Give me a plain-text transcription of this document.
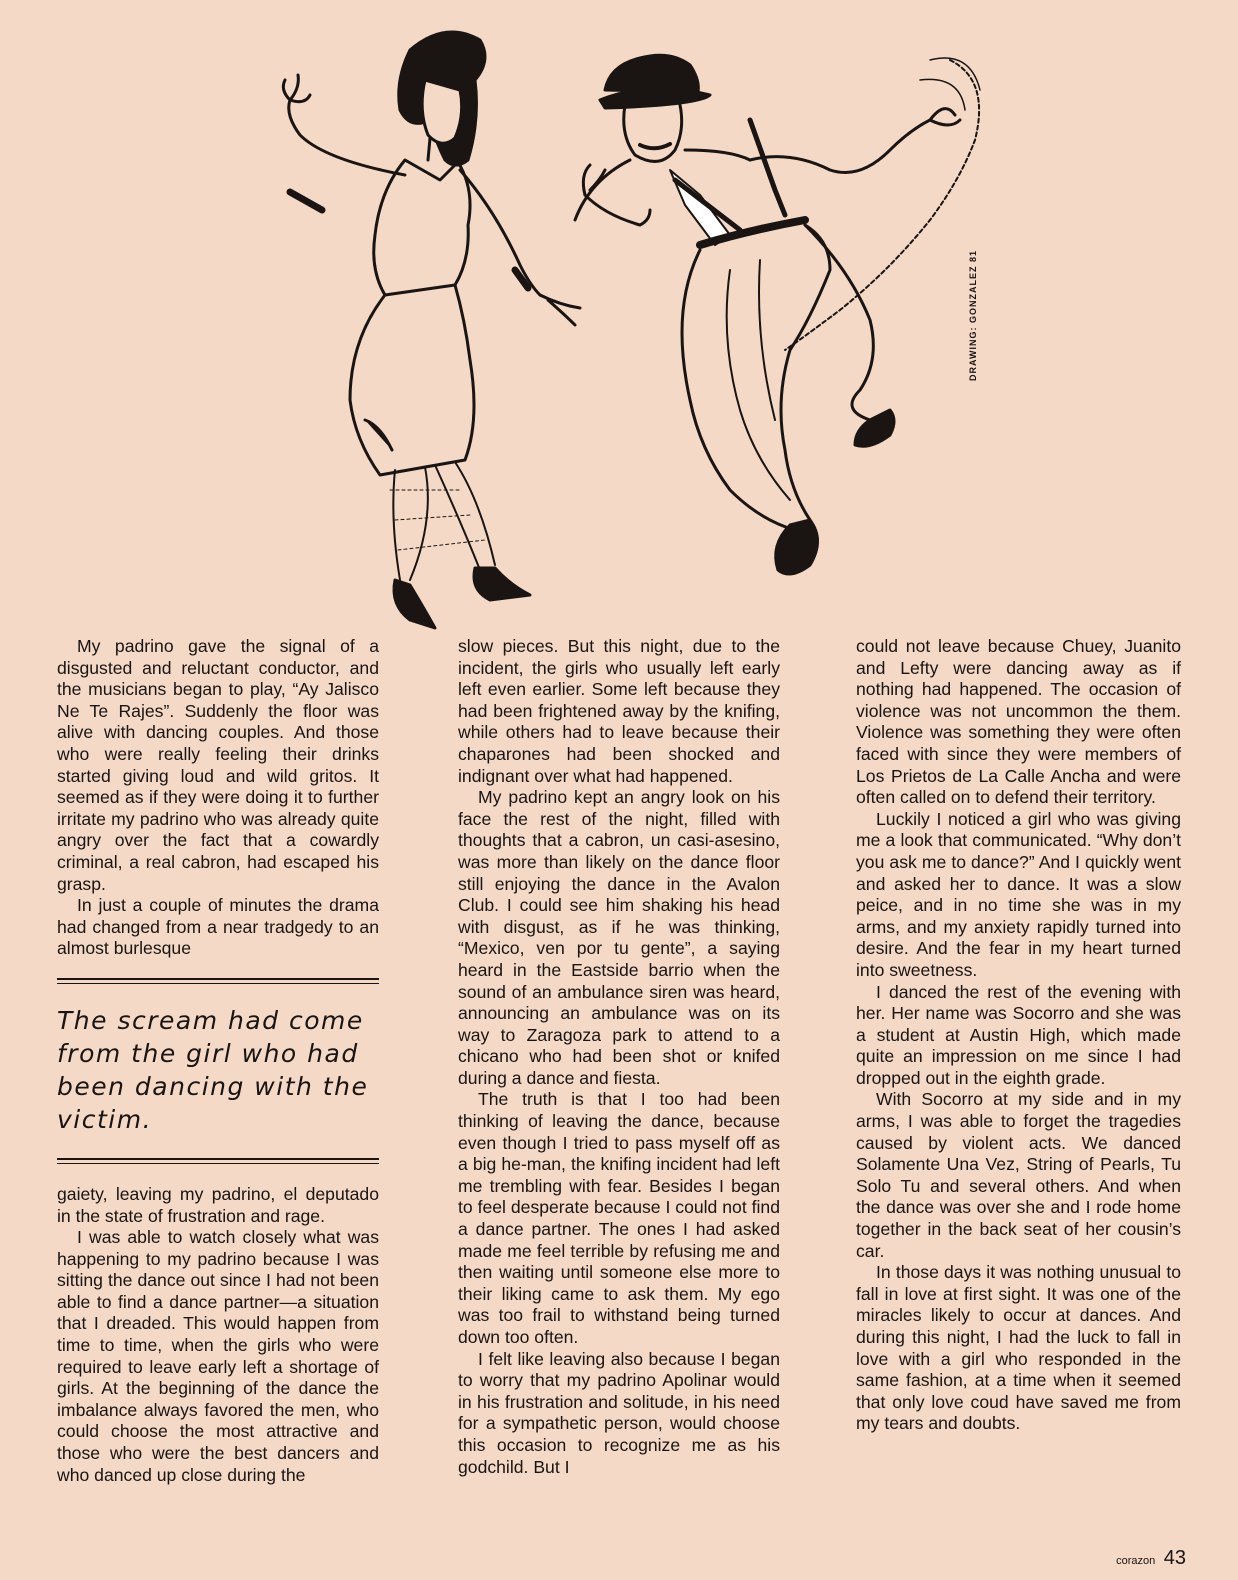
DRAWING: GONZALEZ 81

My padrino gave the signal of a disgusted and reluctant conductor, and the musicians began to play, “Ay Jalisco Ne Te Rajes”. Suddenly the floor was alive with dancing couples. And those who were really feeling their drinks started giving loud and wild gritos. It seemed as if they were doing it to further irritate my padrino who was already quite angry over the fact that a cowardly criminal, a real cabron, had escaped his grasp.

In just a couple of minutes the drama had changed from a near tradgedy to an almost burlesque

The scream had come from the girl who had been dancing with the victim.

gaiety, leaving my padrino, el deputado in the state of frustration and rage.

I was able to watch closely what was happening to my padrino because I was sitting the dance out since I had not been able to find a dance partner—a situation that I dreaded. This would happen from time to time, when the girls who were required to leave early left a shortage of girls. At the beginning of the dance the imbalance always favored the men, who could choose the most attractive and those who were the best dancers and who danced up close during the

slow pieces. But this night, due to the incident, the girls who usually left early left even earlier. Some left because they had been frightened away by the knifing, while others had to leave because their chaparones had been shocked and indignant over what had happened.

My padrino kept an angry look on his face the rest of the night, filled with thoughts that a cabron, un casi-asesino, was more than likely on the dance floor still enjoying the dance in the Avalon Club. I could see him shaking his head with disgust, as if he was thinking, “Mexico, ven por tu gente”, a saying heard in the Eastside barrio when the sound of an ambulance siren was heard, announcing an ambulance was on its way to Zaragoza park to attend to a chicano who had been shot or knifed during a dance and fiesta.

The truth is that I too had been thinking of leaving the dance, because even though I tried to pass myself off as a big he-man, the knifing incident had left me trembling with fear. Besides I began to feel desperate because I could not find a dance partner. The ones I had asked made me feel terrible by refusing me and then waiting until someone else more to their liking came to ask them. My ego was too frail to withstand being turned down too often.

I felt like leaving also because I began to worry that my padrino Apolinar would in his frustration and solitude, in his need for a sympathetic person, would choose this occasion to recognize me as his godchild. But I

could not leave because Chuey, Juanito and Lefty were dancing away as if nothing had happened. The occasion of violence was not uncommon the them. Violence was something they were often faced with since they were members of Los Prietos de La Calle Ancha and were often called on to defend their territory.

Luckily I noticed a girl who was giving me a look that communicated. “Why don’t you ask me to dance?” And I quickly went and asked her to dance. It was a slow peice, and in no time she was in my arms, and my anxiety rapidly turned into desire. And the fear in my heart turned into sweetness.

I danced the rest of the evening with her. Her name was Socorro and she was a student at Austin High, which made quite an impression on me since I had dropped out in the eighth grade.

With Socorro at my side and in my arms, I was able to forget the tragedies caused by violent acts. We danced Solamente Una Vez, String of Pearls, Tu Solo Tu and several others. And when the dance was over she and I rode home together in the back seat of her cousin’s car.

In those days it was nothing unusual to fall in love at first sight. It was one of the miracles likely to occur at dances. And during this night, I had the luck to fall in love with a girl who responded in the same fashion, at a time when it seemed that only love coud have saved me from my tears and doubts.

corazon 43
